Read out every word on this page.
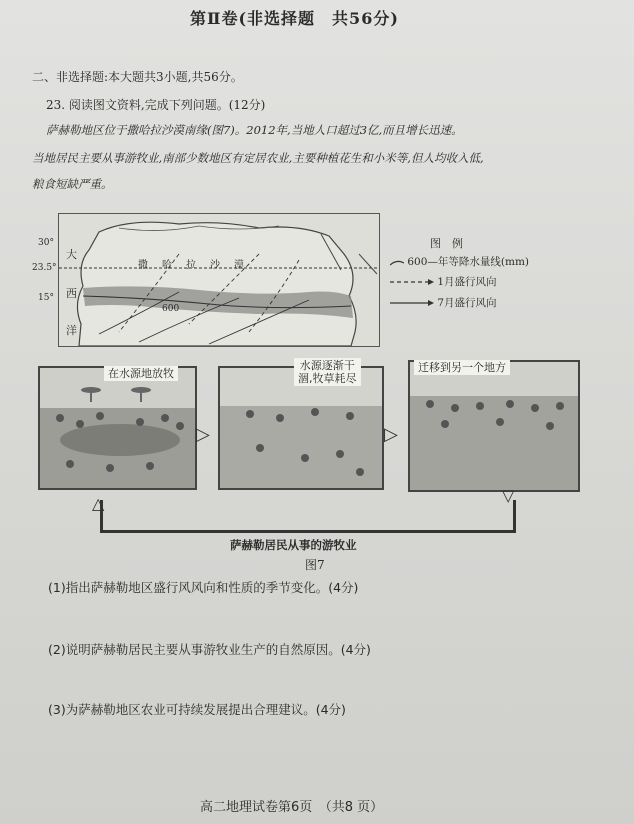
第Ⅱ卷(非选择题　共56分)
二、非选择题:本大题共3小题,共56分。
23. 阅读图文资料,完成下列问题。(12分)
萨赫勒地区位于撒哈拉沙漠南缘(图7)。2012年,当地人口超过3亿,而且增长迅速。
当地居民主要从事游牧业,南部少数地区有定居农业,主要种植花生和小米等,但人均收入低,
粮食短缺严重。
30°
23.5°
15°
大
西
洋
撒　哈　拉　沙　漠
600
图　例
600—年等降水量线(mm)
1月盛行风向
7月盛行风向
在水源地放牧
▷
水源逐渐干
涸,牧草耗尽
▷
迁移到另一个地方
△	▽
萨赫勒居民从事的游牧业
图7
(1)指出萨赫勒地区盛行风风向和性质的季节变化。(4分)
(2)说明萨赫勒居民主要从事游牧业生产的自然原因。(4分)
(3)为萨赫勒地区农业可持续发展提出合理建议。(4分)
高二地理试卷第6页　（共8 页）
